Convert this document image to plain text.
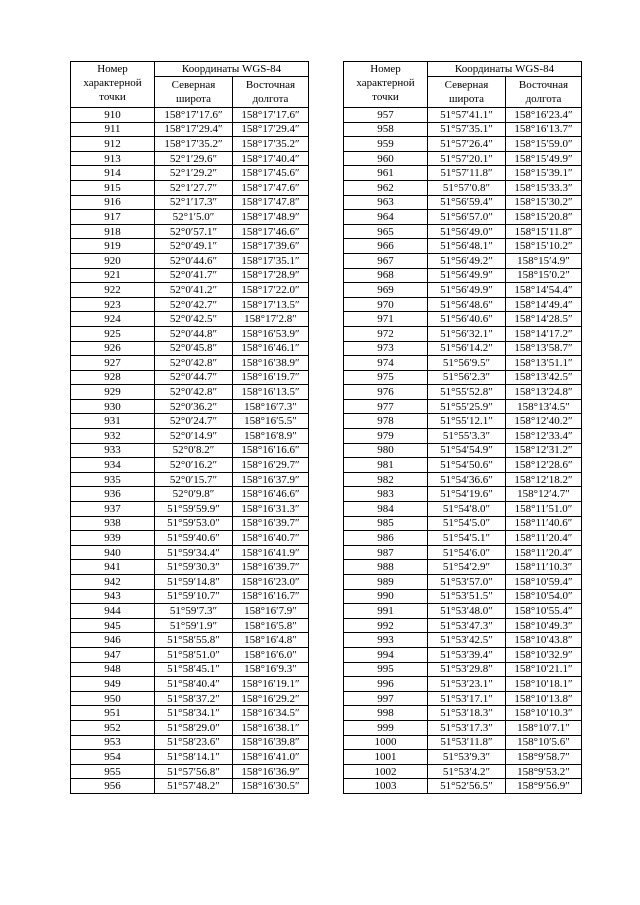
Номер характерной точки	Координаты WGS-84	
	Северная широта	Восточная долгота
910	158°17′17.6″	158°17′17.6″
911	158°17′29.4″	158°17′29.4″
912	158°17′35.2″	158°17′35.2″
913	52°1′29.6″	158°17′40.4″
914	52°1′29.2″	158°17′45.6″
915	52°1′27.7″	158°17′47.6″
916	52°1′17.3″	158°17′47.8″
917	52°1′5.0″	158°17′48.9″
918	52°0′57.1″	158°17′46.6″
919	52°0′49.1″	158°17′39.6″
920	52°0′44.6″	158°17′35.1″
921	52°0′41.7″	158°17′28.9″
922	52°0′41.2″	158°17′22.0″
923	52°0′42.7″	158°17′13.5″
924	52°0′42.5″	158°17′2.8″
925	52°0′44.8″	158°16′53.9″
926	52°0′45.8″	158°16′46.1″
927	52°0′42.8″	158°16′38.9″
928	52°0′44.7″	158°16′19.7″
929	52°0′42.8″	158°16′13.5″
930	52°0′36.2″	158°16′7.3″
931	52°0′24.7″	158°16′5.5″
932	52°0′14.9″	158°16′8.9″
933	52°0′8.2″	158°16′16.6″
934	52°0′16.2″	158°16′29.7″
935	52°0′15.7″	158°16′37.9″
936	52°0′9.8″	158°16′46.6″
937	51°59′59.9″	158°16′31.3″
938	51°59′53.0″	158°16′39.7″
939	51°59′40.6″	158°16′40.7″
940	51°59′34.4″	158°16′41.9″
941	51°59′30.3″	158°16′39.7″
942	51°59′14.8″	158°16′23.0″
943	51°59′10.7″	158°16′16.7″
944	51°59′7.3″	158°16′7.9″
945	51°59′1.9″	158°16′5.8″
946	51°58′55.8″	158°16′4.8″
947	51°58′51.0″	158°16′6.0″
948	51°58′45.1″	158°16′9.3″
949	51°58′40.4″	158°16′19.1″
950	51°58′37.2″	158°16′29.2″
951	51°58′34.1″	158°16′34.5″
952	51°58′29.0″	158°16′38.1″
953	51°58′23.6″	158°16′39.8″
954	51°58′14.1″	158°16′41.0″
955	51°57′56.8″	158°16′36.9″
956	51°57′48.2″	158°16′30.5″
Номер характерной точки	Координаты WGS-84	
	Северная широта	Восточная долгота
957	51°57′41.1″	158°16′23.4″
958	51°57′35.1″	158°16′13.7″
959	51°57′26.4″	158°15′59.0″
960	51°57′20.1″	158°15′49.9″
961	51°57′11.8″	158°15′39.1″
962	51°57′0.8″	158°15′33.3″
963	51°56′59.4″	158°15′30.2″
964	51°56′57.0″	158°15′20.8″
965	51°56′49.0″	158°15′11.8″
966	51°56′48.1″	158°15′10.2″
967	51°56′49.2″	158°15′4.9″
968	51°56′49.9″	158°15′0.2″
969	51°56′49.9″	158°14′54.4″
970	51°56′48.6″	158°14′49.4″
971	51°56′40.6″	158°14′28.5″
972	51°56′32.1″	158°14′17.2″
973	51°56′14.2″	158°13′58.7″
974	51°56′9.5″	158°13′51.1″
975	51°56′2.3″	158°13′42.5″
976	51°55′52.8″	158°13′24.8″
977	51°55′25.9″	158°13′4.5″
978	51°55′12.1″	158°12′40.2″
979	51°55′3.3″	158°12′33.4″
980	51°54′54.9″	158°12′31.2″
981	51°54′50.6″	158°12′28.6″
982	51°54′36.6″	158°12′18.2″
983	51°54′19.6″	158°12′4.7″
984	51°54′8.0″	158°11′51.0″
985	51°54′5.0″	158°11′40.6″
986	51°54′5.1″	158°11′20.4″
987	51°54′6.0″	158°11′20.4″
988	51°54′2.9″	158°11′10.3″
989	51°53′57.0″	158°10′59.4″
990	51°53′51.5″	158°10′54.0″
991	51°53′48.0″	158°10′55.4″
992	51°53′47.3″	158°10′49.3″
993	51°53′42.5″	158°10′43.8″
994	51°53′39.4″	158°10′32.9″
995	51°53′29.8″	158°10′21.1″
996	51°53′23.1″	158°10′18.1″
997	51°53′17.1″	158°10′13.8″
998	51°53′18.3″	158°10′10.3″
999	51°53′17.3″	158°10′7.1″
1000	51°53′11.8″	158°10′5.6″
1001	51°53′9.3″	158°9′58.7″
1002	51°53′4.2″	158°9′53.2″
1003	51°52′56.5″	158°9′56.9″
